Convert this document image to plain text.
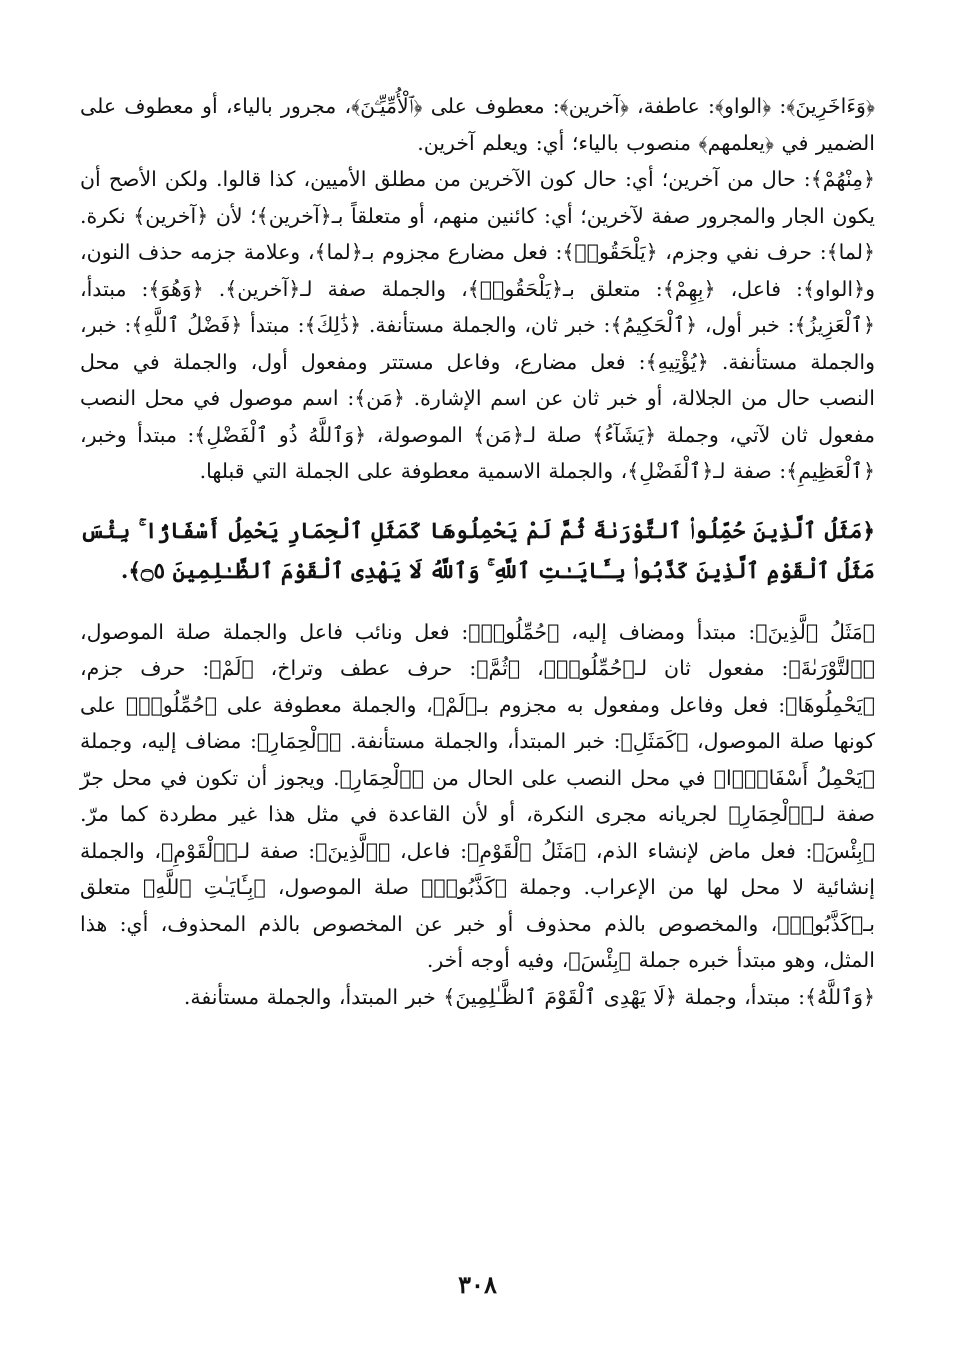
﴿وَءَاخَرِينَ﴾: ﴿الواو﴾: عاطفة، ﴿آخرين﴾: معطوف على ﴿ٱلْأُمِّيِّـۧنَ﴾، مجرور بالياء، أو معطوف على الضمير في ﴿يعلمهم﴾ منصوب بالياء؛ أي: ويعلم آخرين.

﴿مِنْهُمْ﴾: حال من آخرين؛ أي: حال كون الآخرين من مطلق الأميين، كذا قالوا. ولكن الأصح أن يكون الجار والمجرور صفة لآخرين؛ أي: كائنين منهم، أو متعلقاً بـ﴿آخرين﴾؛ لأن ﴿آخرين﴾ نكرة. ﴿لما﴾: حرف نفي وجزم، ﴿يَلْحَقُوا۟﴾: فعل مضارع مجزوم بـ﴿لما﴾، وعلامة جزمه حذف النون، و﴿الواو﴾: فاعل، ﴿بِهِمْ﴾: متعلق بـ﴿يَلْحَقُوا۟﴾، والجملة صفة لـ﴿آخرين﴾. ﴿وَهُوَ﴾: مبتدأ، ﴿ٱلْعَزِيزُ﴾: خبر أول، ﴿ٱلْحَكِيمُ﴾: خبر ثان، والجملة مستأنفة. ﴿ذَٰلِكَ﴾: مبتدأ ﴿فَضْلُ ٱللَّهِ﴾: خبر، والجملة مستأنفة. ﴿يُؤْتِيهِ﴾: فعل مضارع، وفاعل مستتر ومفعول أول، والجملة في محل النصب حال من الجلالة، أو خبر ثان عن اسم الإشارة. ﴿مَن﴾: اسم موصول في محل النصب مفعول ثان لآتي، وجملة ﴿يَشَآءُ﴾ صلة لـ﴿مَن﴾ الموصولة، ﴿وَٱللَّهُ ذُو ٱلْفَضْلِ﴾: مبتدأ وخبر، ﴿ٱلْعَظِيمِ﴾: صفة لـ﴿ٱلْفَضْلِ﴾، والجملة الاسمية معطوفة على الجملة التي قبلها.

﴿مَثَلُ ٱلَّذِينَ حُمِّلُوا۟ ٱلتَّوْرَىٰةَ ثُمَّ لَمْ يَحْمِلُوهَا كَمَثَلِ ٱلْحِمَارِ يَحْمِلُ أَسْفَارًۢا ۚ بِئْسَ مَثَلُ ٱلْقَوْمِ ٱلَّذِينَ كَذَّبُوا۟ بِـَٔايَـٰتِ ٱللَّهِ ۚ وَٱللَّهُ لَا يَهْدِى ٱلْقَوْمَ ٱلظَّـٰلِمِينَ ۝٥﴾.

﴿مَثَلُ ٱلَّذِينَ﴾: مبتدأ ومضاف إليه، ﴿حُمِّلُوا۟﴾: فعل ونائب فاعل والجملة صلة الموصول، ﴿ٱلتَّوْرَىٰةَ﴾: مفعول ثان لـ﴿حُمِّلُوا۟﴾، ﴿ثُمَّ﴾: حرف عطف وتراخ، ﴿لَمْ﴾: حرف جزم، ﴿يَحْمِلُوهَا﴾: فعل وفاعل ومفعول به مجزوم بـ﴿لَمْ﴾، والجملة معطوفة على ﴿حُمِّلُوا۟﴾ على كونها صلة الموصول، ﴿كَمَثَلِ﴾: خبر المبتدأ، والجملة مستأنفة. ﴿ٱلْحِمَارِ﴾: مضاف إليه، وجملة ﴿يَحْمِلُ أَسْفَارًۢا﴾ في محل النصب على الحال من ﴿ٱلْحِمَارِ﴾. ويجوز أن تكون في محل جرّ صفة لـ﴿ٱلْحِمَارِ﴾ لجريانه مجرى النكرة، أو لأن القاعدة في مثل هذا غير مطردة كما مرّ. ﴿بِئْسَ﴾: فعل ماض لإنشاء الذم، ﴿مَثَلُ ٱلْقَوْمِ﴾: فاعل، ﴿ٱلَّذِينَ﴾: صفة لـ﴿ٱلْقَوْمِ﴾، والجملة إنشائية لا محل لها من الإعراب. وجملة ﴿كَذَّبُوا۟﴾ صلة الموصول، ﴿بِـَٔايَـٰتِ ٱللَّهِ﴾ متعلق بـ﴿كَذَّبُوا۟﴾، والمخصوص بالذم محذوف أو خبر عن المخصوص بالذم المحذوف، أي: هذا المثل، وهو مبتدأ خبره جملة ﴿بِئْسَ﴾، وفيه أوجه أخر.

﴿وَٱللَّهُ﴾: مبتدأ، وجملة ﴿لَا يَهْدِى ٱلْقَوْمَ ٱلظَّـٰلِمِينَ﴾ خبر المبتدأ، والجملة مستأنفة.

٣٠٨
